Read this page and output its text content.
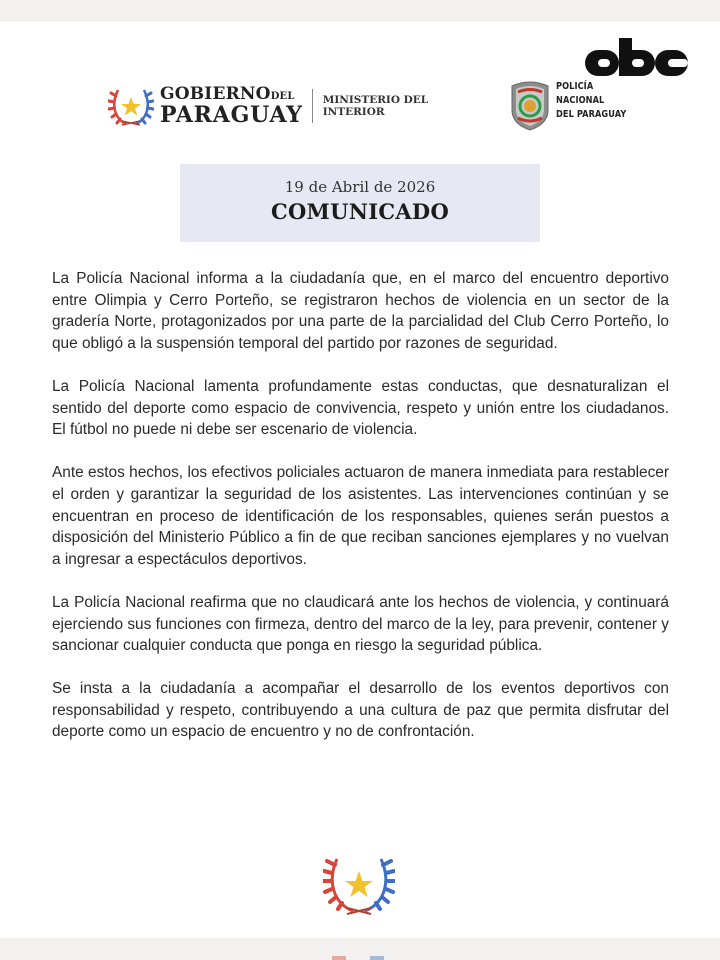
GOBIERNODEL
PARAGUAY
MINISTERIO DEL
INTERIOR
POLICÍA
NACIONAL
DEL PARAGUAY
19 de Abril de 2026
COMUNICADO

La Policía Nacional informa a la ciudadanía que, en el marco del encuentro deportivo entre Olimpia y Cerro Porteño, se registraron hechos de violencia en un sector de la gradería Norte, protagonizados por una parte de la parcialidad del Club Cerro Porteño, lo que obligó a la suspensión temporal del partido por razones de seguridad.

La Policía Nacional lamenta profundamente estas conductas, que desnaturalizan el sentido del deporte como espacio de convivencia, respeto y unión entre los ciudadanos. El fútbol no puede ni debe ser escenario de violencia.

Ante estos hechos, los efectivos policiales actuaron de manera inmediata para restablecer el orden y garantizar la seguridad de los asistentes. Las intervenciones continúan y se encuentran en proceso de identificación de los responsables, quienes serán puestos a disposición del Ministerio Público a fin de que reciban sanciones ejemplares y no vuelvan a ingresar a espectáculos deportivos.

La Policía Nacional reafirma que no claudicará ante los hechos de violencia, y continuará ejerciendo sus funciones con firmeza, dentro del marco de la ley, para prevenir, contener y sancionar cualquier conducta que ponga en riesgo la seguridad pública.

Se insta a la ciudadanía a acompañar el desarrollo de los eventos deportivos con responsabilidad y respeto, contribuyendo a una cultura de paz que permita disfrutar del deporte como un espacio de encuentro y no de confrontación.
